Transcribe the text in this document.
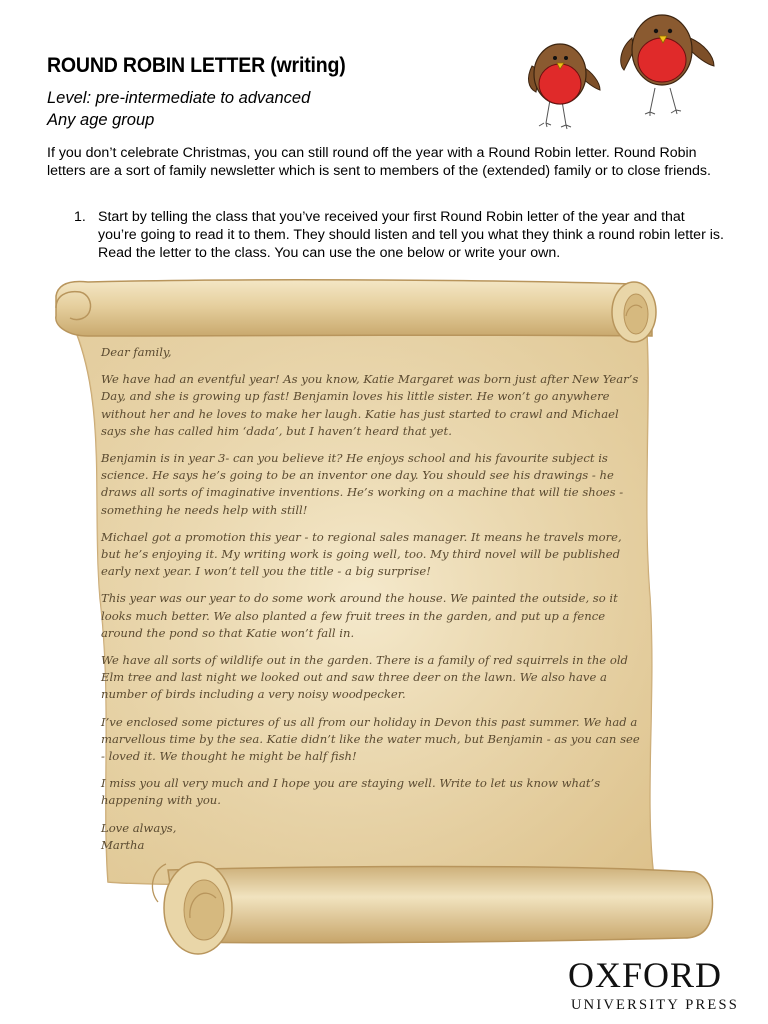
ROUND ROBIN LETTER (writing)
Level: pre-intermediate to advanced
Any age group
If you don’t celebrate Christmas, you can still round off the year with a Round Robin letter. Round Robin letters are a sort of family newsletter which is sent to members of the (extended) family or to close friends.
1. Start by telling the class that you’ve received your first Round Robin letter of the year and that you’re going to read it to them. They should listen and tell you what they think a round robin letter is. Read the letter to the class. You can use the one below or write your own.

Dear family,

We have had an eventful year! As you know, Katie Margaret was born just after New Year’s Day, and she is growing up fast! Benjamin loves his little sister. He won’t go anywhere without her and he loves to make her laugh. Katie has just started to crawl and Michael says she has called him ‘dada’, but I haven’t heard that yet.

Benjamin is in year 3- can you believe it? He enjoys school and his favourite subject is science. He says he’s going to be an inventor one day. You should see his drawings - he draws all sorts of imaginative inventions. He’s working on a machine that will tie shoes - something he needs help with still!

Michael got a promotion this year - to regional sales manager. It means he travels more, but he’s enjoying it. My writing work is going well, too. My third novel will be published early next year. I won’t tell you the title - a big surprise!

This year was our year to do some work around the house. We painted the outside, so it looks much better. We also planted a few fruit trees in the garden, and put up a fence around the pond so that Katie won’t fall in.

We have all sorts of wildlife out in the garden. There is a family of red squirrels in the old Elm tree and last night we looked out and saw three deer on the lawn. We also have a number of birds including a very noisy woodpecker.

I’ve enclosed some pictures of us all from our holiday in Devon this past summer. We had a marvellous time by the sea. Katie didn’t like the water much, but Benjamin - as you can see - loved it. We thought he might be half fish!

I miss you all very much and I hope you are staying well. Write to let us know what’s happening with you.

Love always,

Martha

OXFORD
UNIVERSITY PRESS
